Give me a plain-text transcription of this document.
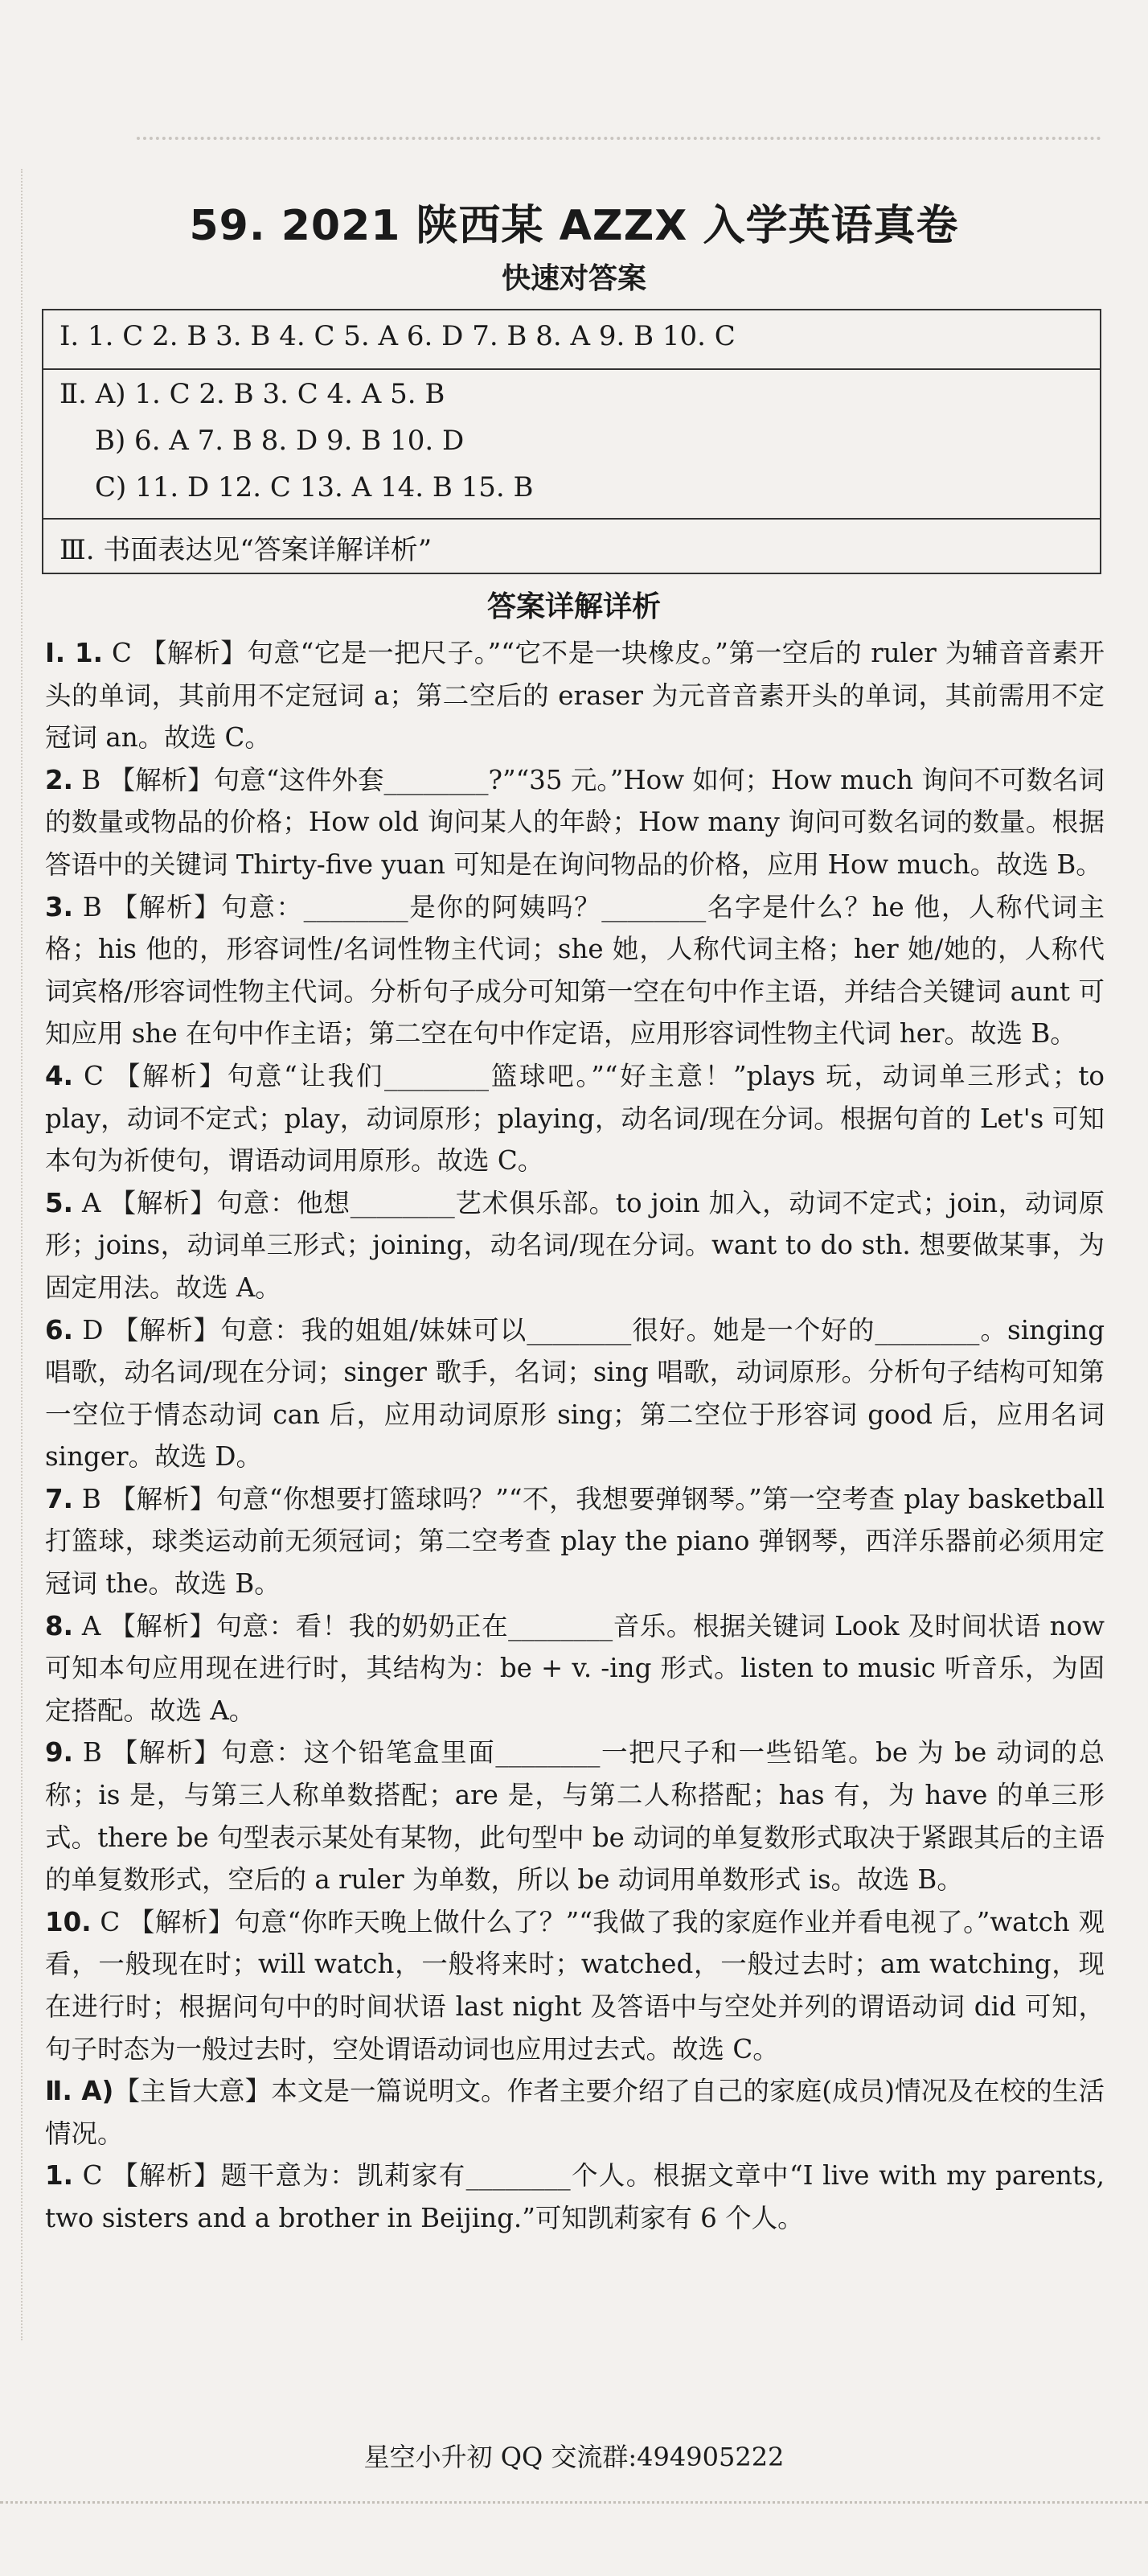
59. 2021 陕西某 AZZX 入学英语真卷
快速对答案
Ⅰ. 1. C 2. B 3. B 4. C 5. A 6. D 7. B 8. A 9. B 10. C
Ⅱ. A) 1. C 2. B 3. C 4. A 5. B
B) 6. A 7. B 8. D 9. B 10. D
C) 11. D 12. C 13. A 14. B 15. B
Ⅲ. 书面表达见“答案详解详析”
答案详解详析

Ⅰ. 1. C 【解析】句意“它是一把尺子。”“它不是一块橡皮。”第一空后的 ruler 为辅音音素开头的单词，其前用不定冠词 a；第二空后的 eraser 为元音音素开头的单词，其前需用不定冠词 an。故选 C。

2. B 【解析】句意“这件外套________?”“35 元。”How 如何；How much 询问不可数名词的数量或物品的价格；How old 询问某人的年龄；How many 询问可数名词的数量。根据答语中的关键词 Thirty-five yuan 可知是在询问物品的价格，应用 How much。故选 B。

3. B 【解析】句意：________是你的阿姨吗？________名字是什么？he 他，人称代词主格；his 他的，形容词性/名词性物主代词；she 她，人称代词主格；her 她/她的，人称代词宾格/形容词性物主代词。分析句子成分可知第一空在句中作主语，并结合关键词 aunt 可知应用 she 在句中作主语；第二空在句中作定语，应用形容词性物主代词 her。故选 B。

4. C 【解析】句意“让我们________篮球吧。”“好主意！”plays 玩，动词单三形式；to play，动词不定式；play，动词原形；playing，动名词/现在分词。根据句首的 Let's 可知本句为祈使句，谓语动词用原形。故选 C。

5. A 【解析】句意：他想________艺术俱乐部。to join 加入，动词不定式；join，动词原形；joins，动词单三形式；joining，动名词/现在分词。want to do sth. 想要做某事，为固定用法。故选 A。

6. D 【解析】句意：我的姐姐/妹妹可以________很好。她是一个好的________。singing 唱歌，动名词/现在分词；singer 歌手，名词；sing 唱歌，动词原形。分析句子结构可知第一空位于情态动词 can 后，应用动词原形 sing；第二空位于形容词 good 后，应用名词 singer。故选 D。

7. B 【解析】句意“你想要打篮球吗？”“不，我想要弹钢琴。”第一空考查 play basketball 打篮球，球类运动前无须冠词；第二空考查 play the piano 弹钢琴，西洋乐器前必须用定冠词 the。故选 B。

8. A 【解析】句意：看！我的奶奶正在________音乐。根据关键词 Look 及时间状语 now 可知本句应用现在进行时，其结构为：be + v. -ing 形式。listen to music 听音乐，为固定搭配。故选 A。

9. B 【解析】句意：这个铅笔盒里面________一把尺子和一些铅笔。be 为 be 动词的总称；is 是，与第三人称单数搭配；are 是，与第二人称搭配；has 有，为 have 的单三形式。there be 句型表示某处有某物，此句型中 be 动词的单复数形式取决于紧跟其后的主语的单复数形式，空后的 a ruler 为单数，所以 be 动词用单数形式 is。故选 B。

10. C 【解析】句意“你昨天晚上做什么了？”“我做了我的家庭作业并看电视了。”watch 观看，一般现在时；will watch，一般将来时；watched，一般过去时；am watching，现在进行时；根据问句中的时间状语 last night 及答语中与空处并列的谓语动词 did 可知，句子时态为一般过去时，空处谓语动词也应用过去式。故选 C。

Ⅱ. A)【主旨大意】本文是一篇说明文。作者主要介绍了自己的家庭(成员)情况及在校的生活情况。

1. C 【解析】题干意为：凯莉家有________个人。根据文章中“I live with my parents, two sisters and a brother in Beijing.”可知凯莉家有 6 个人。

星空小升初 QQ 交流群:494905222
